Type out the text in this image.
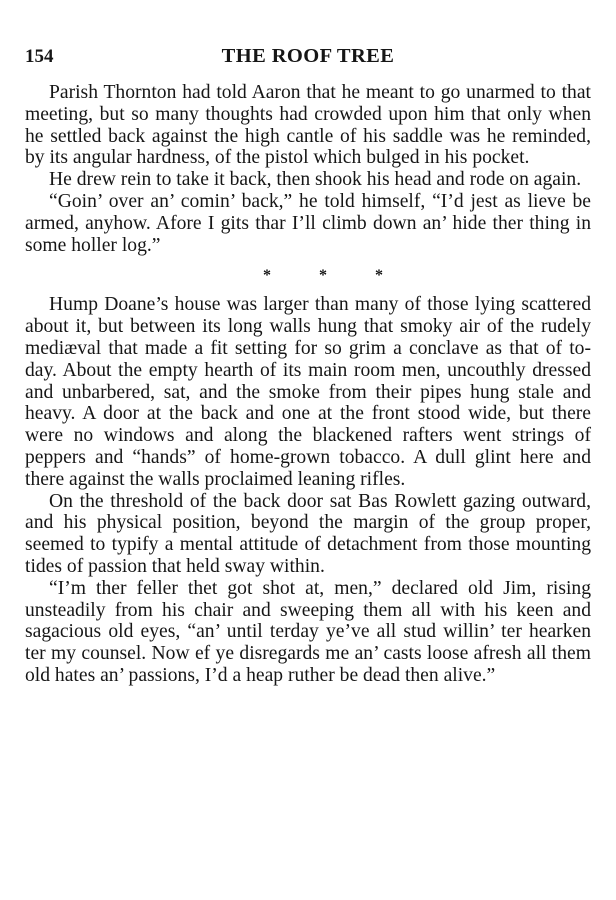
154	THE ROOF TREE

Parish Thornton had told Aaron that he meant to go unarmed to that meeting, but so many thoughts had crowded upon him that only when he settled back against the high cantle of his saddle was he reminded, by its angular hardness, of the pistol which bulged in his pocket.

He drew rein to take it back, then shook his head and rode on again.

“Goin’ over an’ comin’ back,” he told himself, “I’d jest as lieve be armed, anyhow. Afore I gits thar I’ll climb down an’ hide ther thing in some holler log.”

*	*	*

Hump Doane’s house was larger than many of those lying scattered about it, but between its long walls hung that smoky air of the rudely mediæval that made a fit setting for so grim a conclave as that of to-day. About the empty hearth of its main room men, uncouthly dressed and unbarbered, sat, and the smoke from their pipes hung stale and heavy. A door at the back and one at the front stood wide, but there were no windows and along the blackened rafters went strings of peppers and “hands” of home-grown tobacco. A dull glint here and there against the walls proclaimed leaning rifles.

On the threshold of the back door sat Bas Rowlett gazing outward, and his physical position, beyond the margin of the group proper, seemed to typify a mental attitude of detachment from those mounting tides of passion that held sway within.

“I’m ther feller thet got shot at, men,” declared old Jim, rising unsteadily from his chair and sweeping them all with his keen and sagacious old eyes, “an’ until terday ye’ve all stud willin’ ter hearken ter my counsel. Now ef ye disregards me an’ casts loose afresh all them old hates an’ passions, I’d a heap ruther be dead then alive.”
